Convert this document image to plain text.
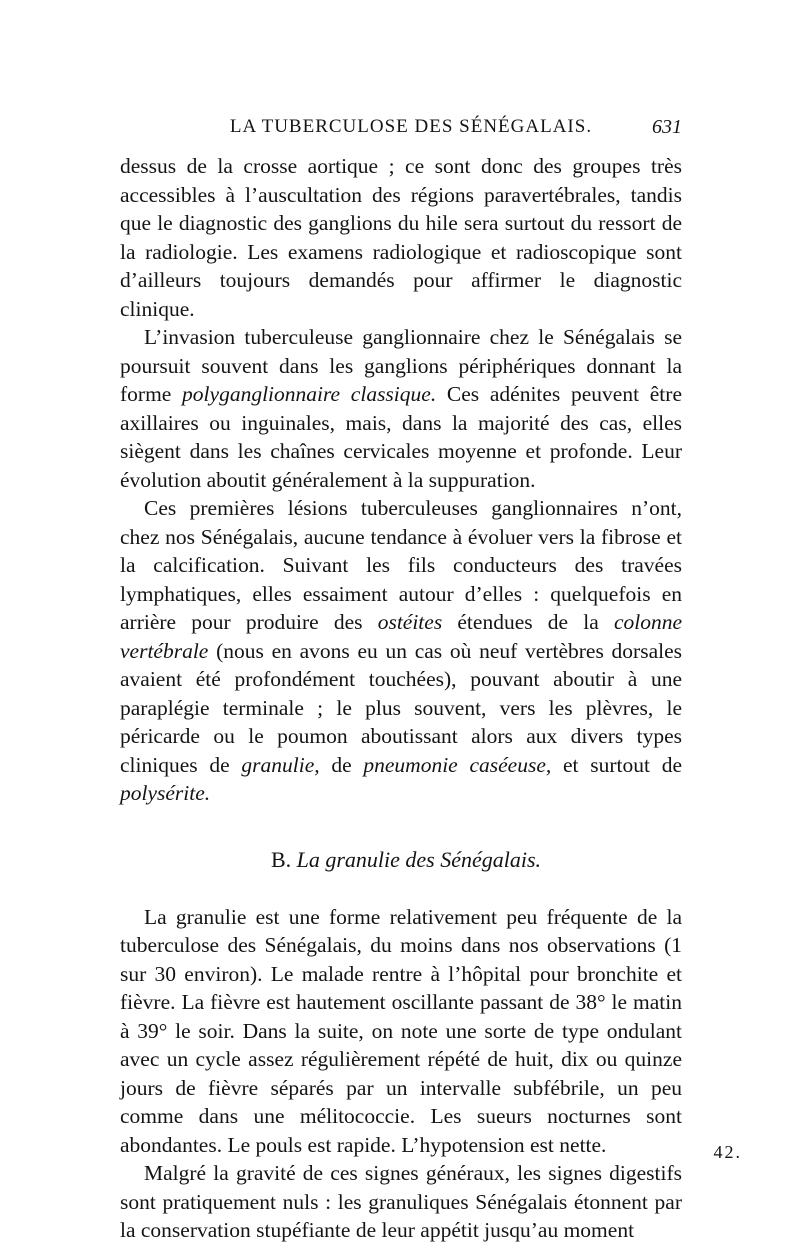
LA TUBERCULOSE DES SÉNÉGALAIS.	631

dessus de la crosse aortique ; ce sont donc des groupes très accessibles à l’auscultation des régions paravertébrales, tandis que le diagnostic des ganglions du hile sera surtout du ressort de la radiologie. Les examens radiologique et radioscopique sont d’ailleurs toujours demandés pour affirmer le diagnostic clinique.

L’invasion tuberculeuse ganglionnaire chez le Sénégalais se poursuit souvent dans les ganglions périphériques donnant la forme polyganglionnaire classique. Ces adénites peuvent être axillaires ou inguinales, mais, dans la majorité des cas, elles siègent dans les chaînes cervicales moyenne et profonde. Leur évolution aboutit généralement à la suppuration.

Ces premières lésions tuberculeuses ganglionnaires n’ont, chez nos Sénégalais, aucune tendance à évoluer vers la fibrose et la calcification. Suivant les fils conducteurs des travées lymphatiques, elles essaiment autour d’elles : quelquefois en arrière pour produire des ostéites étendues de la colonne vertébrale (nous en avons eu un cas où neuf vertèbres dorsales avaient été profondément touchées), pouvant aboutir à une paraplégie terminale ; le plus souvent, vers les plèvres, le péricarde ou le poumon aboutissant alors aux divers types cliniques de granulie, de pneumonie caséeuse, et surtout de polysérite.

B. La granulie des Sénégalais.

La granulie est une forme relativement peu fréquente de la tuberculose des Sénégalais, du moins dans nos observations (1 sur 30 environ). Le malade rentre à l’hôpital pour bronchite et fièvre. La fièvre est hautement oscillante passant de 38° le matin à 39° le soir. Dans la suite, on note une sorte de type ondulant avec un cycle assez régulièrement répété de huit, dix ou quinze jours de fièvre séparés par un intervalle subfébrile, un peu comme dans une mélitococcie. Les sueurs nocturnes sont abondantes. Le pouls est rapide. L’hypotension est nette.

Malgré la gravité de ces signes généraux, les signes digestifs sont pratiquement nuls : les granuliques Sénégalais étonnent par la conservation stupéfiante de leur appétit jusqu’au moment

42.
